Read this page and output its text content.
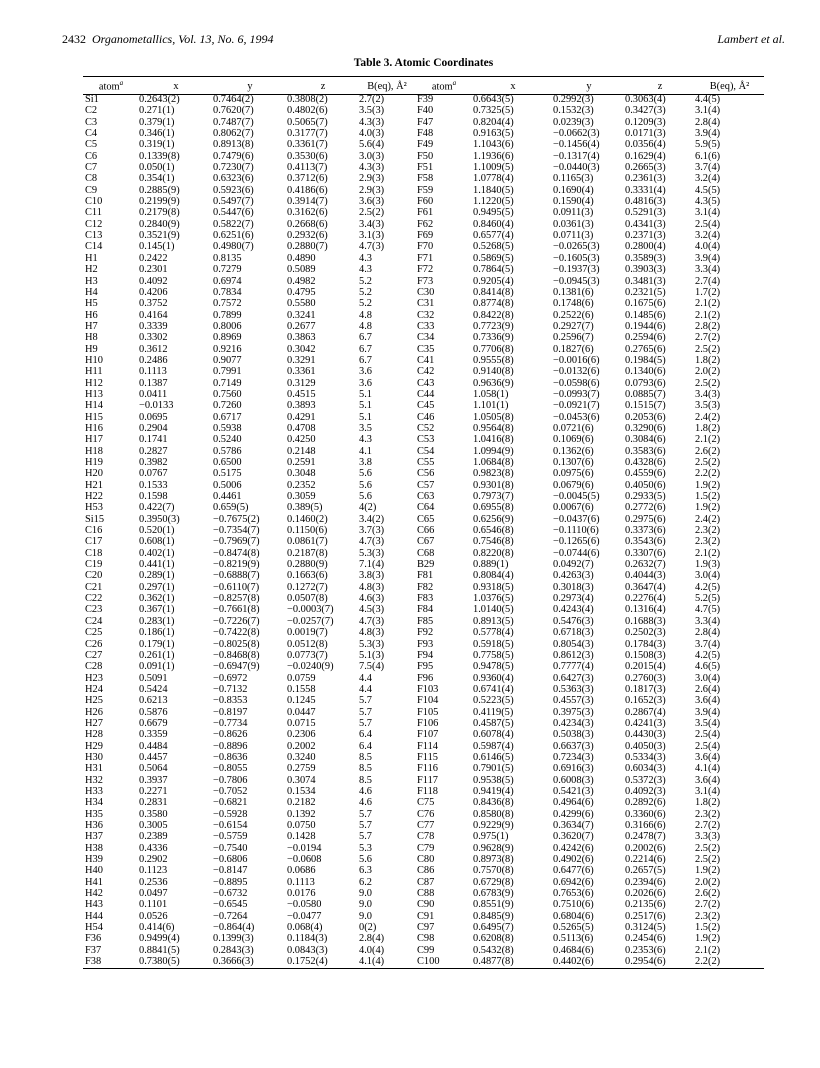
2432 Organometallics, Vol. 13, No. 6, 1994	Lambert et al.
Table 3. Atomic Coordinates
atom$^a$	x	y	z	B(eq), Å²	atom$^a$	x	y	z	B(eq), Å²
Si1	0.2643(2)	0.7464(2)	0.3808(2)	2.7(2)	F39	0.6643(5)	0.2992(3)	0.3063(4)	4.4(5)
C2	0.271(1)	0.7620(7)	0.4802(6)	3.5(3)	F40	0.7325(5)	0.1532(3)	0.3427(3)	3.1(4)
C3	0.379(1)	0.7487(7)	0.5065(7)	4.3(3)	F47	0.8204(4)	0.0239(3)	0.1209(3)	2.8(4)
C4	0.346(1)	0.8062(7)	0.3177(7)	4.0(3)	F48	0.9163(5)	−0.0662(3)	0.0171(3)	3.9(4)
C5	0.319(1)	0.8913(8)	0.3361(7)	5.6(4)	F49	1.1043(6)	−0.1456(4)	0.0356(4)	5.9(5)
C6	0.1339(8)	0.7479(6)	0.3530(6)	3.0(3)	F50	1.1936(6)	−0.1317(4)	0.1629(4)	6.1(6)
C7	0.050(1)	0.7230(7)	0.4113(7)	4.3(3)	F51	1.1009(5)	−0.0440(3)	0.2665(3)	3.7(4)
C8	0.354(1)	0.6323(6)	0.3712(6)	2.9(3)	F58	1.0778(4)	0.1165(3)	0.2361(3)	3.2(4)
C9	0.2885(9)	0.5923(6)	0.4186(6)	2.9(3)	F59	1.1840(5)	0.1690(4)	0.3331(4)	4.5(5)
C10	0.2199(9)	0.5497(7)	0.3914(7)	3.6(3)	F60	1.1220(5)	0.1590(4)	0.4816(3)	4.3(5)
C11	0.2179(8)	0.5447(6)	0.3162(6)	2.5(2)	F61	0.9495(5)	0.0911(3)	0.5291(3)	3.1(4)
C12	0.2840(9)	0.5822(7)	0.2668(6)	3.4(3)	F62	0.8460(4)	0.0361(3)	0.4341(3)	2.5(4)
C13	0.3521(9)	0.6251(6)	0.2932(6)	3.1(3)	F69	0.6577(4)	0.0711(3)	0.2371(3)	3.2(4)
C14	0.145(1)	0.4980(7)	0.2880(7)	4.7(3)	F70	0.5268(5)	−0.0265(3)	0.2800(4)	4.0(4)
H1	0.2422	0.8135	0.4890	4.3	F71	0.5869(5)	−0.1605(3)	0.3589(3)	3.9(4)
H2	0.2301	0.7279	0.5089	4.3	F72	0.7864(5)	−0.1937(3)	0.3903(3)	3.3(4)
H3	0.4092	0.6974	0.4982	5.2	F73	0.9205(4)	−0.0945(3)	0.3481(3)	2.7(4)
H4	0.4206	0.7834	0.4795	5.2	C30	0.8414(8)	0.1381(6)	0.2321(5)	1.7(2)
H5	0.3752	0.7572	0.5580	5.2	C31	0.8774(8)	0.1748(6)	0.1675(6)	2.1(2)
H6	0.4164	0.7899	0.3241	4.8	C32	0.8422(8)	0.2522(6)	0.1485(6)	2.1(2)
H7	0.3339	0.8006	0.2677	4.8	C33	0.7723(9)	0.2927(7)	0.1944(6)	2.8(2)
H8	0.3302	0.8969	0.3863	6.7	C34	0.7336(9)	0.2596(7)	0.2594(6)	2.7(2)
H9	0.3612	0.9216	0.3042	6.7	C35	0.7706(8)	0.1827(6)	0.2765(6)	2.5(2)
H10	0.2486	0.9077	0.3291	6.7	C41	0.9555(8)	−0.0016(6)	0.1984(5)	1.8(2)
H11	0.1113	0.7991	0.3361	3.6	C42	0.9140(8)	−0.0132(6)	0.1340(6)	2.0(2)
H12	0.1387	0.7149	0.3129	3.6	C43	0.9636(9)	−0.0598(6)	0.0793(6)	2.5(2)
H13	0.0411	0.7560	0.4515	5.1	C44	1.058(1)	−0.0993(7)	0.0885(7)	3.4(3)
H14	−0.0133	0.7260	0.3893	5.1	C45	1.101(1)	−0.0921(7)	0.1515(7)	3.5(3)
H15	0.0695	0.6717	0.4291	5.1	C46	1.0505(8)	−0.0453(6)	0.2053(6)	2.4(2)
H16	0.2904	0.5938	0.4708	3.5	C52	0.9564(8)	0.0721(6)	0.3290(6)	1.8(2)
H17	0.1741	0.5240	0.4250	4.3	C53	1.0416(8)	0.1069(6)	0.3084(6)	2.1(2)
H18	0.2827	0.5786	0.2148	4.1	C54	1.0994(9)	0.1362(6)	0.3583(6)	2.6(2)
H19	0.3982	0.6500	0.2591	3.8	C55	1.0684(8)	0.1307(6)	0.4328(6)	2.5(2)
H20	0.0767	0.5175	0.3048	5.6	C56	0.9823(8)	0.0975(6)	0.4559(6)	2.2(2)
H21	0.1533	0.5006	0.2352	5.6	C57	0.9301(8)	0.0679(6)	0.4050(6)	1.9(2)
H22	0.1598	0.4461	0.3059	5.6	C63	0.7973(7)	−0.0045(5)	0.2933(5)	1.5(2)
H53	0.422(7)	0.659(5)	0.389(5)	4(2)	C64	0.6955(8)	0.0067(6)	0.2772(6)	1.9(2)
Si15	0.3950(3)	−0.7675(2)	0.1460(2)	3.4(2)	C65	0.6256(9)	−0.0437(6)	0.2975(6)	2.4(2)
C16	0.520(1)	−0.7354(7)	0.1150(6)	3.7(3)	C66	0.6546(8)	−0.1110(6)	0.3373(6)	2.3(2)
C17	0.608(1)	−0.7969(7)	0.0861(7)	4.7(3)	C67	0.7546(8)	−0.1265(6)	0.3543(6)	2.3(2)
C18	0.402(1)	−0.8474(8)	0.2187(8)	5.3(3)	C68	0.8220(8)	−0.0744(6)	0.3307(6)	2.1(2)
C19	0.441(1)	−0.8219(9)	0.2880(9)	7.1(4)	B29	0.889(1)	0.0492(7)	0.2632(7)	1.9(3)
C20	0.289(1)	−0.6888(7)	0.1663(6)	3.8(3)	F81	0.8084(4)	0.4263(3)	0.4044(3)	3.0(4)
C21	0.297(1)	−0.6110(7)	0.1272(7)	4.8(3)	F82	0.9318(5)	0.3018(3)	0.3647(4)	4.2(5)
C22	0.362(1)	−0.8257(8)	0.0507(8)	4.6(3)	F83	1.0376(5)	0.2973(4)	0.2276(4)	5.2(5)
C23	0.367(1)	−0.7661(8)	−0.0003(7)	4.5(3)	F84	1.0140(5)	0.4243(4)	0.1316(4)	4.7(5)
C24	0.283(1)	−0.7226(7)	−0.0257(7)	4.7(3)	F85	0.8913(5)	0.5476(3)	0.1688(3)	3.3(4)
C25	0.186(1)	−0.7422(8)	0.0019(7)	4.8(3)	F92	0.5778(4)	0.6718(3)	0.2502(3)	2.8(4)
C26	0.179(1)	−0.8025(8)	0.0512(8)	5.3(3)	F93	0.5918(5)	0.8054(3)	0.1784(3)	3.7(4)
C27	0.261(1)	−0.8468(8)	0.0773(7)	5.1(3)	F94	0.7758(5)	0.8612(3)	0.1508(3)	4.2(5)
C28	0.091(1)	−0.6947(9)	−0.0240(9)	7.5(4)	F95	0.9478(5)	0.7777(4)	0.2015(4)	4.6(5)
H23	0.5091	−0.6972	0.0759	4.4	F96	0.9360(4)	0.6427(3)	0.2760(3)	3.0(4)
H24	0.5424	−0.7132	0.1558	4.4	F103	0.6741(4)	0.5363(3)	0.1817(3)	2.6(4)
H25	0.6213	−0.8353	0.1245	5.7	F104	0.5223(5)	0.4557(3)	0.1652(3)	3.6(4)
H26	0.5876	−0.8197	0.0447	5.7	F105	0.4119(5)	0.3975(3)	0.2867(4)	3.9(4)
H27	0.6679	−0.7734	0.0715	5.7	F106	0.4587(5)	0.4234(3)	0.4241(3)	3.5(4)
H28	0.3359	−0.8626	0.2306	6.4	F107	0.6078(4)	0.5038(3)	0.4430(3)	2.5(4)
H29	0.4484	−0.8896	0.2002	6.4	F114	0.5987(4)	0.6637(3)	0.4050(3)	2.5(4)
H30	0.4457	−0.8636	0.3240	8.5	F115	0.6146(5)	0.7234(3)	0.5334(3)	3.6(4)
H31	0.5064	−0.8055	0.2759	8.5	F116	0.7901(5)	0.6916(3)	0.6034(3)	4.1(4)
H32	0.3937	−0.7806	0.3074	8.5	F117	0.9538(5)	0.6008(3)	0.5372(3)	3.6(4)
H33	0.2271	−0.7052	0.1534	4.6	F118	0.9419(4)	0.5421(3)	0.4092(3)	3.1(4)
H34	0.2831	−0.6821	0.2182	4.6	C75	0.8436(8)	0.4964(6)	0.2892(6)	1.8(2)
H35	0.3580	−0.5928	0.1392	5.7	C76	0.8580(8)	0.4299(6)	0.3360(6)	2.3(2)
H36	0.3005	−0.6154	0.0750	5.7	C77	0.9229(9)	0.3634(7)	0.3166(6)	2.7(2)
H37	0.2389	−0.5759	0.1428	5.7	C78	0.975(1)	0.3620(7)	0.2478(7)	3.3(3)
H38	0.4336	−0.7540	−0.0194	5.3	C79	0.9628(9)	0.4242(6)	0.2002(6)	2.5(2)
H39	0.2902	−0.6806	−0.0608	5.6	C80	0.8973(8)	0.4902(6)	0.2214(6)	2.5(2)
H40	0.1123	−0.8147	0.0686	6.3	C86	0.7570(8)	0.6477(6)	0.2657(5)	1.9(2)
H41	0.2536	−0.8895	0.1113	6.2	C87	0.6729(8)	0.6942(6)	0.2394(6)	2.0(2)
H42	0.0497	−0.6732	0.0176	9.0	C88	0.6783(9)	0.7653(6)	0.2026(6)	2.6(2)
H43	0.1101	−0.6545	−0.0580	9.0	C90	0.8551(9)	0.7510(6)	0.2135(6)	2.7(2)
H44	0.0526	−0.7264	−0.0477	9.0	C91	0.8485(9)	0.6804(6)	0.2517(6)	2.3(2)
H54	0.414(6)	−0.864(4)	0.068(4)	0(2)	C97	0.6495(7)	0.5265(5)	0.3124(5)	1.5(2)
F36	0.9499(4)	0.1399(3)	0.1184(3)	2.8(4)	C98	0.6208(8)	0.5113(6)	0.2454(6)	1.9(2)
F37	0.8841(5)	0.2843(3)	0.0843(3)	4.0(4)	C99	0.5432(8)	0.4684(6)	0.2353(6)	2.1(2)
F38	0.7380(5)	0.3666(3)	0.1752(4)	4.1(4)	C100	0.4877(8)	0.4402(6)	0.2954(6)	2.2(2)
